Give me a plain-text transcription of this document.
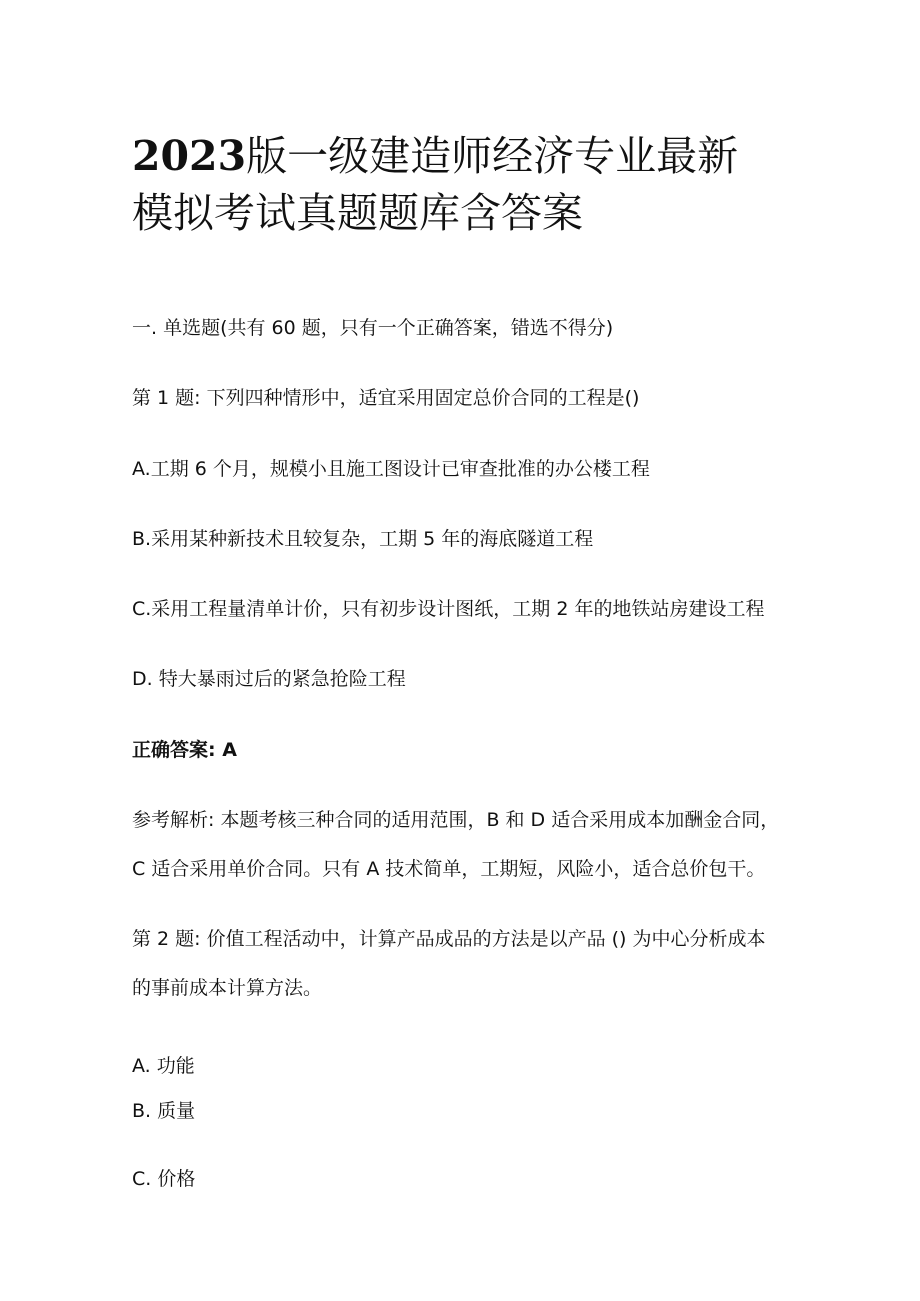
2023版一级建造师经济专业最新
模拟考试真题题库含答案

一. 单选题(共有 60 题，只有一个正确答案，错选不得分)

第 1 题: 下列四种情形中，适宜采用固定总价合同的工程是()

A.工期 6 个月，规模小且施工图设计已审查批准的办公楼工程

B.采用某种新技术且较复杂，工期 5 年的海底隧道工程

C.采用工程量清单计价，只有初步设计图纸，工期 2 年的地铁站房建设工程

D. 特大暴雨过后的紧急抢险工程

正确答案: A

参考解析: 本题考核三种合同的适用范围，B 和 D 适合采用成本加酬金合同，

C 适合采用单价合同。只有 A 技术简单，工期短，风险小，适合总价包干。

第 2 题: 价值工程活动中，计算产品成品的方法是以产品 () 为中心分析成本

的事前成本计算方法。

A. 功能

B. 质量

C. 价格
